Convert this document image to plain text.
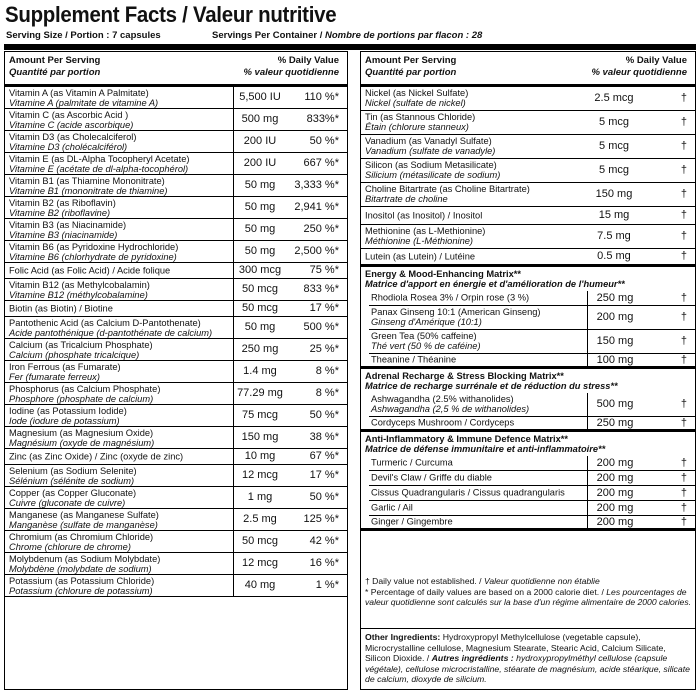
Supplement Facts / Valeur nutritive
Serving Size / Portion : 7 capsules	Servings Per Container / Nombre de portions par flacon : 28
Amount Per Serving
Quantité par portion
% Daily Value
% valeur quotidienne
Vitamin A (as Vitamin A Palmitate)
Vitamine A (palmitate de vitamine A)	5,500 IU	110 %*
Vitamin C (as Ascorbic Acid )
Vitamine C (acide ascorbique)	500 mg	833%*
Vitamin D3 (as Cholecalciferol)
Vitamine D3 (cholécalciférol)	200 IU	50 %*
Vitamin E (as DL-Alpha Tocopheryl Acetate)
Vitamine E (acétate de dl-alpha-tocophérol)	200 IU	667 %*
Vitamin B1 (as Thiamine Mononitrate)
Vitamine B1 (mononitrate de thiamine)	50 mg	3,333 %*
Vitamin B2 (as Riboflavin)
Vitamine B2 (riboflavine)	50 mg	2,941 %*
Vitamin B3 (as Niacinamide)
Vitamine B3 (niacinamide)	50 mg	250 %*
Vitamin B6 (as Pyridoxine Hydrochloride)
Vitamine B6 (chlorhydrate de pyridoxine)	50 mg	2,500 %*
Folic Acid (as Folic Acid) / Acide folique	300 mcg	75 %*
Vitamin B12 (as Methylcobalamin)
Vitamine B12 (méthylcobalamine)	50 mcg	833 %*
Biotin (as Biotin) / Biotine	50 mcg	17 %*
Pantothenic Acid (as Calcium D-Pantothenate)
Acide pantothénique (d-pantothénate de calcium)	50 mg	500 %*
Calcium (as Tricalcium Phosphate)
Calcium (phosphate tricalcique)	250 mg	25 %*
Iron Ferrous (as Fumarate)
Fer (fumarate ferreux)	1.4 mg	8 %*
Phosphorus (as Calcium Phosphate)
Phosphore (phosphate de calcium)	77.29 mg	8 %*
Iodine (as Potassium Iodide)
Iode (iodure de potassium)	75 mcg	50 %*
Magnesium (as Magnesium Oxide)
Magnésium (oxyde de magnésium)	150 mg	38 %*
Zinc (as Zinc Oxide) / Zinc (oxyde de zinc)	10 mg	67 %*
Selenium (as Sodium Selenite)
Sélénium (sélénite de sodium)	12 mcg	17 %*
Copper (as Copper Gluconate)
Cuivre (gluconate de cuivre)	1 mg	50 %*
Manganese (as Manganese Sulfate)
Manganèse (sulfate de manganèse)	2.5 mg	125 %*
Chromium (as Chromium Chloride)
Chrome (chlorure de chrome)	50 mcg	42 %*
Molybdenum (as Sodium Molybdate)
Molybdène (molybdate de sodium)	12 mcg	16 %*
Potassium (as Potassium Chloride)
Potassium (chlorure de potassium)	40 mg	1 %*
Amount Per Serving
Quantité par portion
% Daily Value
% valeur quotidienne
Nickel (as Nickel Sulfate)
Nickel (sulfate de nickel)	2.5 mcg	†
Tin (as Stannous Chloride)
Étain (chlorure stanneux)	5 mcg	†
Vanadium (as Vanadyl Sulfate)
Vanadium (sulfate de vanadyle)	5 mcg	†
Silicon (as Sodium Metasilicate)
Silicium (métasilicate de sodium)	5 mcg	†
Choline Bitartrate (as Choline Bitartrate)
Bitartrate de choline	150 mg	†
Inositol (as Inositol) / Inositol	15 mg	†
Methionine (as L-Methionine)
Méthionine (L-Méthionine)	7.5 mg	†
Lutein (as Lutein) / Lutéine	0.5 mg	†
Energy & Mood-Enhancing Matrix**
Matrice d'apport en énergie et d'amélioration de l'humeur**
Rhodiola Rosea 3% / Orpin rose (3 %)	250 mg	†
Panax Ginseng 10:1 (American Ginseng)
Ginseng d'Amérique (10:1)	200 mg	†
Green Tea (50% caffeine)
Thé vert (50 % de caféine)	150 mg	†
Theanine / Théanine	100 mg	†
Adrenal Recharge & Stress Blocking Matrix**
Matrice de recharge surrénale et de réduction du stress**
Ashwagandha (2.5% withanolides)
Ashwagandha (2,5 % de withanolides)	500 mg	†
Cordyceps Mushroom / Cordyceps	250 mg	†
Anti-Inflammatory & Immune Defence Matrix**
Matrice de défense immunitaire et anti-inflammatoire**
Turmeric / Curcuma	200 mg	†
Devil's Claw / Griffe du diable	200 mg	†
Cissus Quadrangularis / Cissus quadrangularis	200 mg	†
Garlic / Ail	200 mg	†
Ginger / Gingembre	200 mg	†
† Daily value not established. / Valeur quotidienne non établie
* Percentage of daily values are based on a 2000 calorie diet. / Les pourcentages de valeur quotidienne sont calculés sur la base d'un régime alimentaire de 2000 calories.
Other Ingredients: Hydroxypropyl Methylcellulose (vegetable capsule), Microcrystalline cellulose, Magnesium Stearate, Stearic Acid, Calcium Silicate, Silicon Dioxide. / Autres ingrédients : hydroxypropylméthyl cellulose (capsule végétale), cellulose microcristalline, stéarate de magnésium, acide stéarique, silicate de calcium, dioxyde de silicium.
